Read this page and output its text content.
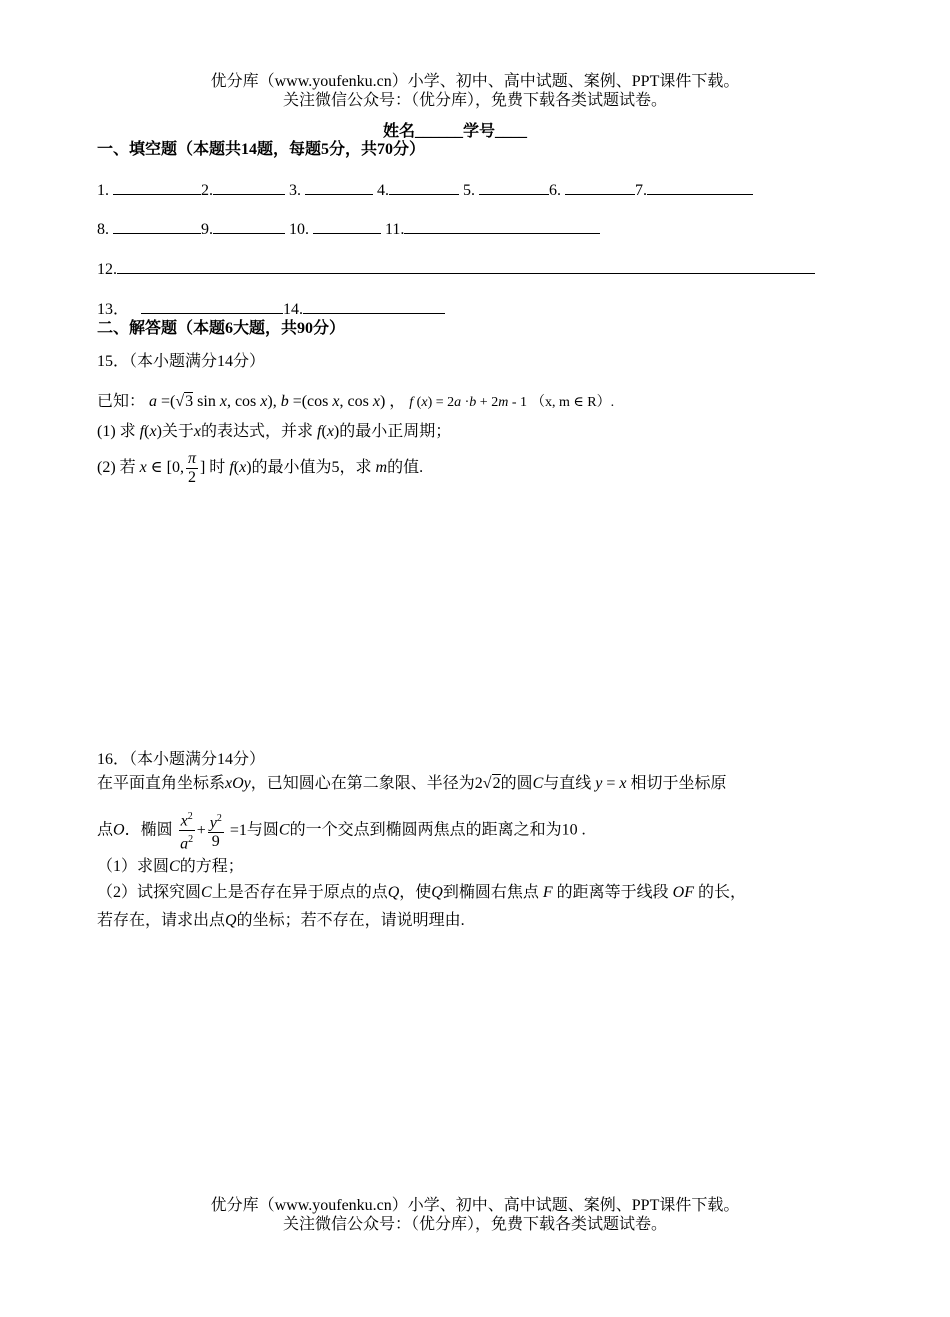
优分库（www.youfenku.cn）小学、初中、高中试题、案例、PPT课件下载。
关注微信公众号：（优分库），免费下载各类试题试卷。
姓名______学号____
一、填空题（本题共14题，每题5分，共70分）
1.	2.	3.	4.	5.	6.	7.
8.	9.	10.	11.
12.
13．	14.
二、解答题（本题6大题，共90分）
15．（本小题满分14分）
已知： a =(√3 sin x, cos x), b =(cos x, cos x) ， f (x) = 2a ·b + 2m - 1 （x, m ∈ R）.
(1) 求 f(x)关于x的表达式，并求 f(x)的最小正周期；
(2) 若 x ∈ [0, $\frac{\pi}{2}$ ] 时 f(x)的最小值为5，求 m的值.
16．（本小题满分14分）
在平面直角坐标系xOy，已知圆心在第二象限、半径为2√2的圆C与直线 y = x 相切于坐标原
点O．椭圆 $\frac{x^2}{a^2} + \frac{y^2}{9} =1$与圆C的一个交点到椭圆两焦点的距离之和为10 .
（1）求圆C的方程；
（2）试探究圆C上是否存在异于原点的点Q，使Q到椭圆右焦点 F 的距离等于线段 OF 的长，
若存在，请求出点Q的坐标；若不存在，请说明理由.
优分库（www.youfenku.cn）小学、初中、高中试题、案例、PPT课件下载。
关注微信公众号：（优分库），免费下载各类试题试卷。
